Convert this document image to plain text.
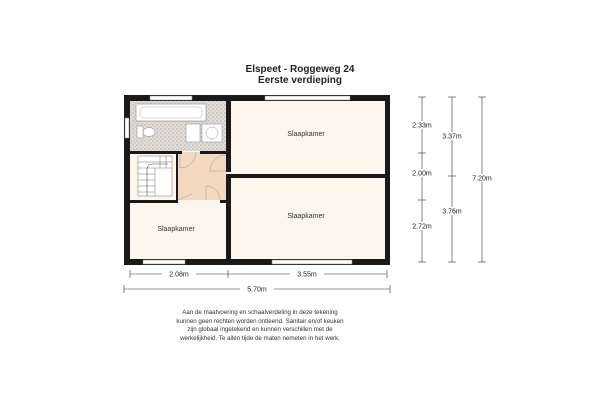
Elspeet - Roggeweg 24
Eerste verdieping
2.08m	3.55m
5.70m
2.33m
2.00m
2.72m
3.37m
3.76m
7.20m
Slaapkamer
Slaapkamer
Slaapkamer
Aan de maatvoering en schaalverdeling in deze tekening
kunnen geen rechten worden ontleend. Sanitair en/of keuken
zijn globaal ingetekend en kunnen verschillen met de
werkelijkheid. Te allen tijde de maten nemeten in het werk.
